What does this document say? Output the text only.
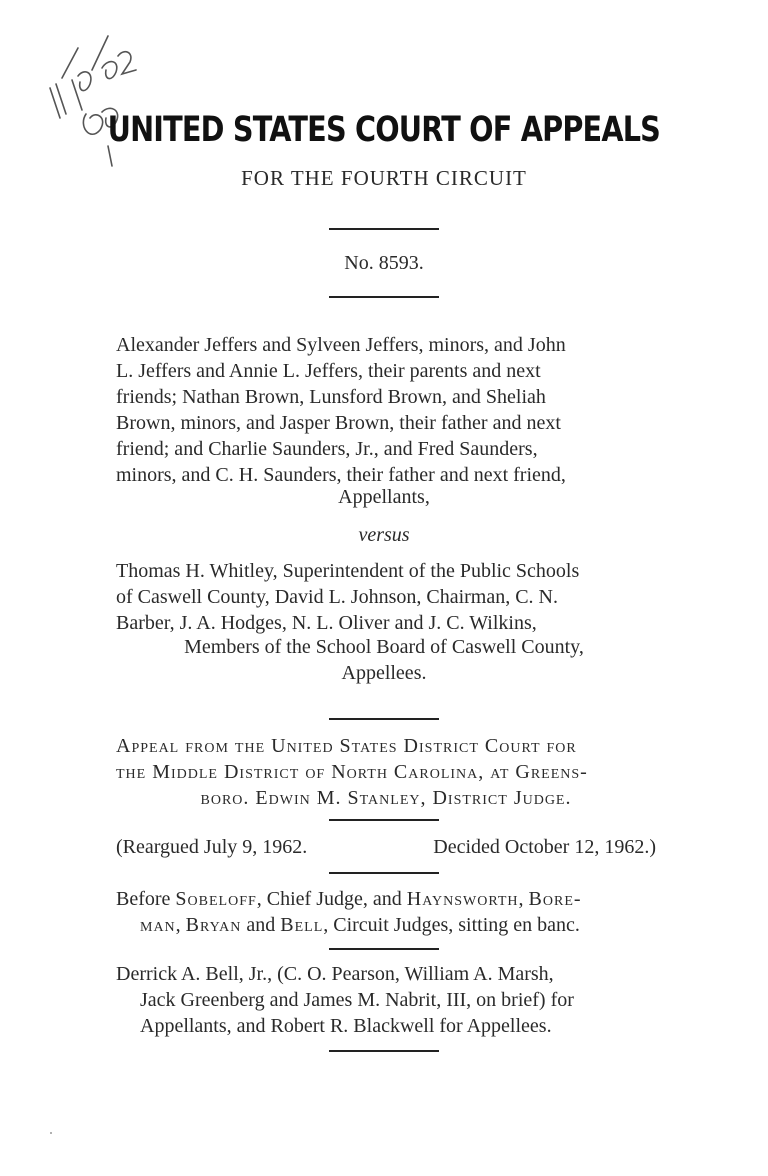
UNITED STATES COURT OF APPEALS

FOR THE FOURTH CIRCUIT

No. 8593.

Alexander Jeffers and Sylveen Jeffers, minors, and John
L. Jeffers and Annie L. Jeffers, their parents and next
friends; Nathan Brown, Lunsford Brown, and Sheliah
Brown, minors, and Jasper Brown, their father and next
friend; and Charlie Saunders, Jr., and Fred Saunders,
minors, and C. H. Saunders, their father and next friend,

Appellants,

versus

Thomas H. Whitley, Superintendent of the Public Schools
of Caswell County, David L. Johnson, Chairman, C. N.
Barber, J. A. Hodges, N. L. Oliver and J. C. Wilkins,

Members of the School Board of Caswell County,

Appellees.

Appeal from the United States District Court for
the Middle District of North Carolina, at Greens-
boro. Edwin M. Stanley, District Judge.

(Reargued July 9, 1962.	Decided October 12, 1962.)

Before Sobeloff, Chief Judge, and Haynsworth, Bore-
man, Bryan and Bell, Circuit Judges, sitting en banc.
Derrick A. Bell, Jr., (C. O. Pearson, William A. Marsh,
Jack Greenberg and James M. Nabrit, III, on brief) for
Appellants, and Robert R. Blackwell for Appellees.
